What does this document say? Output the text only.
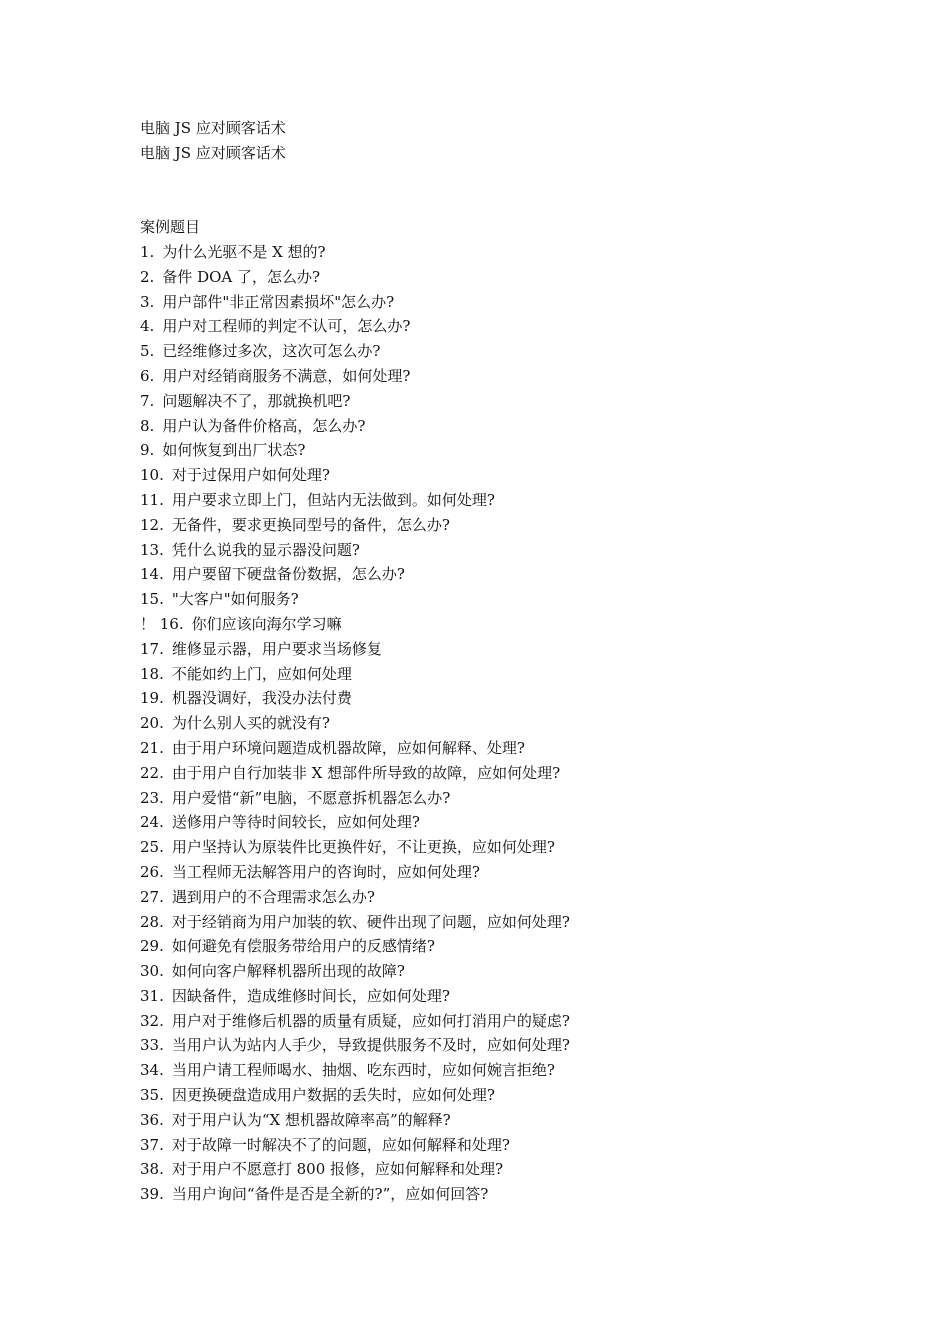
电脑 JS 应对顾客话术
电脑 JS 应对顾客话术
案例题目
1. 为什么光驱不是 X 想的?
2. 备件 DOA 了，怎么办?
3. 用户部件"非正常因素损坏"怎么办?
4. 用户对工程师的判定不认可，怎么办?
5. 已经维修过多次，这次可怎么办?
6. 用户对经销商服务不满意，如何处理?
7. 问题解决不了，那就换机吧?
8. 用户认为备件价格高，怎么办?
9. 如何恢复到出厂状态?
10. 对于过保用户如何处理?
11. 用户要求立即上门，但站内无法做到。如何处理?
12. 无备件，要求更换同型号的备件，怎么办?
13. 凭什么说我的显示器没问题?
14. 用户要留下硬盘备份数据，怎么办?
15. "大客户"如何服务?
！ 16. 你们应该向海尔学习嘛
17. 维修显示器，用户要求当场修复
18. 不能如约上门，应如何处理
19. 机器没调好，我没办法付费
20. 为什么别人买的就没有?
21. 由于用户环境问题造成机器故障，应如何解释、处理?
22. 由于用户自行加装非 X 想部件所导致的故障，应如何处理?
23. 用户爱惜“新”电脑，不愿意拆机器怎么办?
24. 送修用户等待时间较长，应如何处理?
25. 用户坚持认为原装件比更换件好，不让更换，应如何处理?
26. 当工程师无法解答用户的咨询时，应如何处理?
27. 遇到用户的不合理需求怎么办?
28. 对于经销商为用户加装的软、硬件出现了问题，应如何处理?
29. 如何避免有偿服务带给用户的反感情绪?
30. 如何向客户解释机器所出现的故障?
31. 因缺备件，造成维修时间长，应如何处理?
32. 用户对于维修后机器的质量有质疑，应如何打消用户的疑虑?
33. 当用户认为站内人手少，导致提供服务不及时，应如何处理?
34. 当用户请工程师喝水、抽烟、吃东西时，应如何婉言拒绝?
35. 因更换硬盘造成用户数据的丢失时，应如何处理?
36. 对于用户认为“X 想机器故障率高”的解释?
37. 对于故障一时解决不了的问题，应如何解释和处理?
38. 对于用户不愿意打 800 报修，应如何解释和处理?
39. 当用户询问“备件是否是全新的?”，应如何回答?
